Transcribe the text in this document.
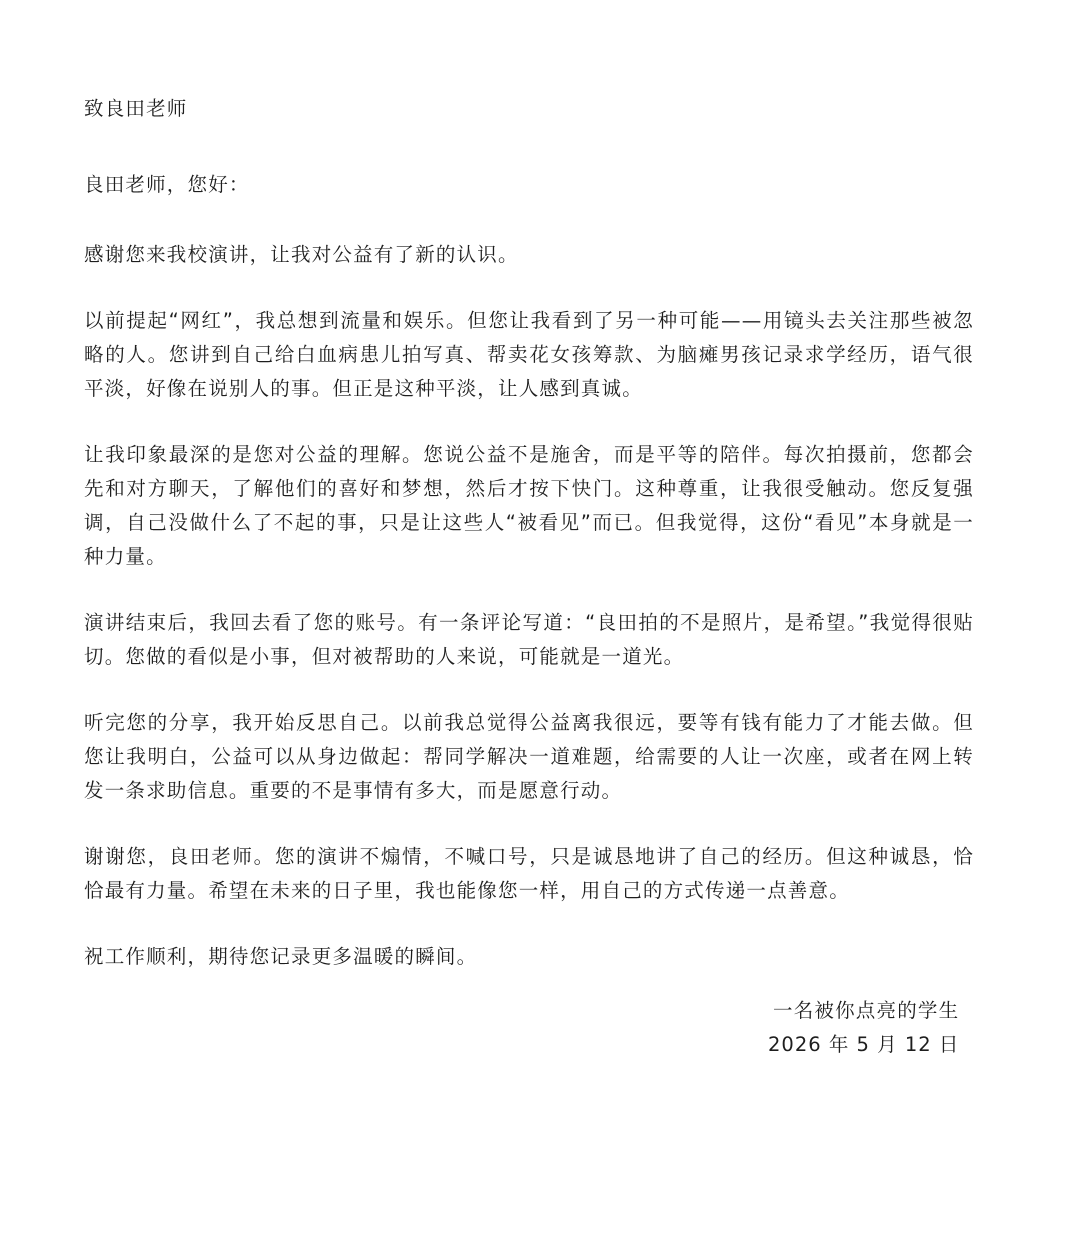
致良田老师

良田老师，您好：

感谢您来我校演讲，让我对公益有了新的认识。

以前提起“网红”，我总想到流量和娱乐。但您让我看到了另一种可能——用镜头去关注那些被忽略的人。您讲到自己给白血病患儿拍写真、帮卖花女孩筹款、为脑瘫男孩记录求学经历，语气很平淡，好像在说别人的事。但正是这种平淡，让人感到真诚。

让我印象最深的是您对公益的理解。您说公益不是施舍，而是平等的陪伴。每次拍摄前，您都会先和对方聊天，了解他们的喜好和梦想，然后才按下快门。这种尊重，让我很受触动。您反复强调，自己没做什么了不起的事，只是让这些人“被看见”而已。但我觉得，这份“看见”本身就是一种力量。

演讲结束后，我回去看了您的账号。有一条评论写道：“良田拍的不是照片，是希望。”我觉得很贴切。您做的看似是小事，但对被帮助的人来说，可能就是一道光。

听完您的分享，我开始反思自己。以前我总觉得公益离我很远，要等有钱有能力了才能去做。但您让我明白，公益可以从身边做起：帮同学解决一道难题，给需要的人让一次座，或者在网上转发一条求助信息。重要的不是事情有多大，而是愿意行动。

谢谢您，良田老师。您的演讲不煽情，不喊口号，只是诚恳地讲了自己的经历。但这种诚恳，恰恰最有力量。希望在未来的日子里，我也能像您一样，用自己的方式传递一点善意。

祝工作顺利，期待您记录更多温暖的瞬间。

一名被你点亮的学生
2026 年 5 月 12 日
